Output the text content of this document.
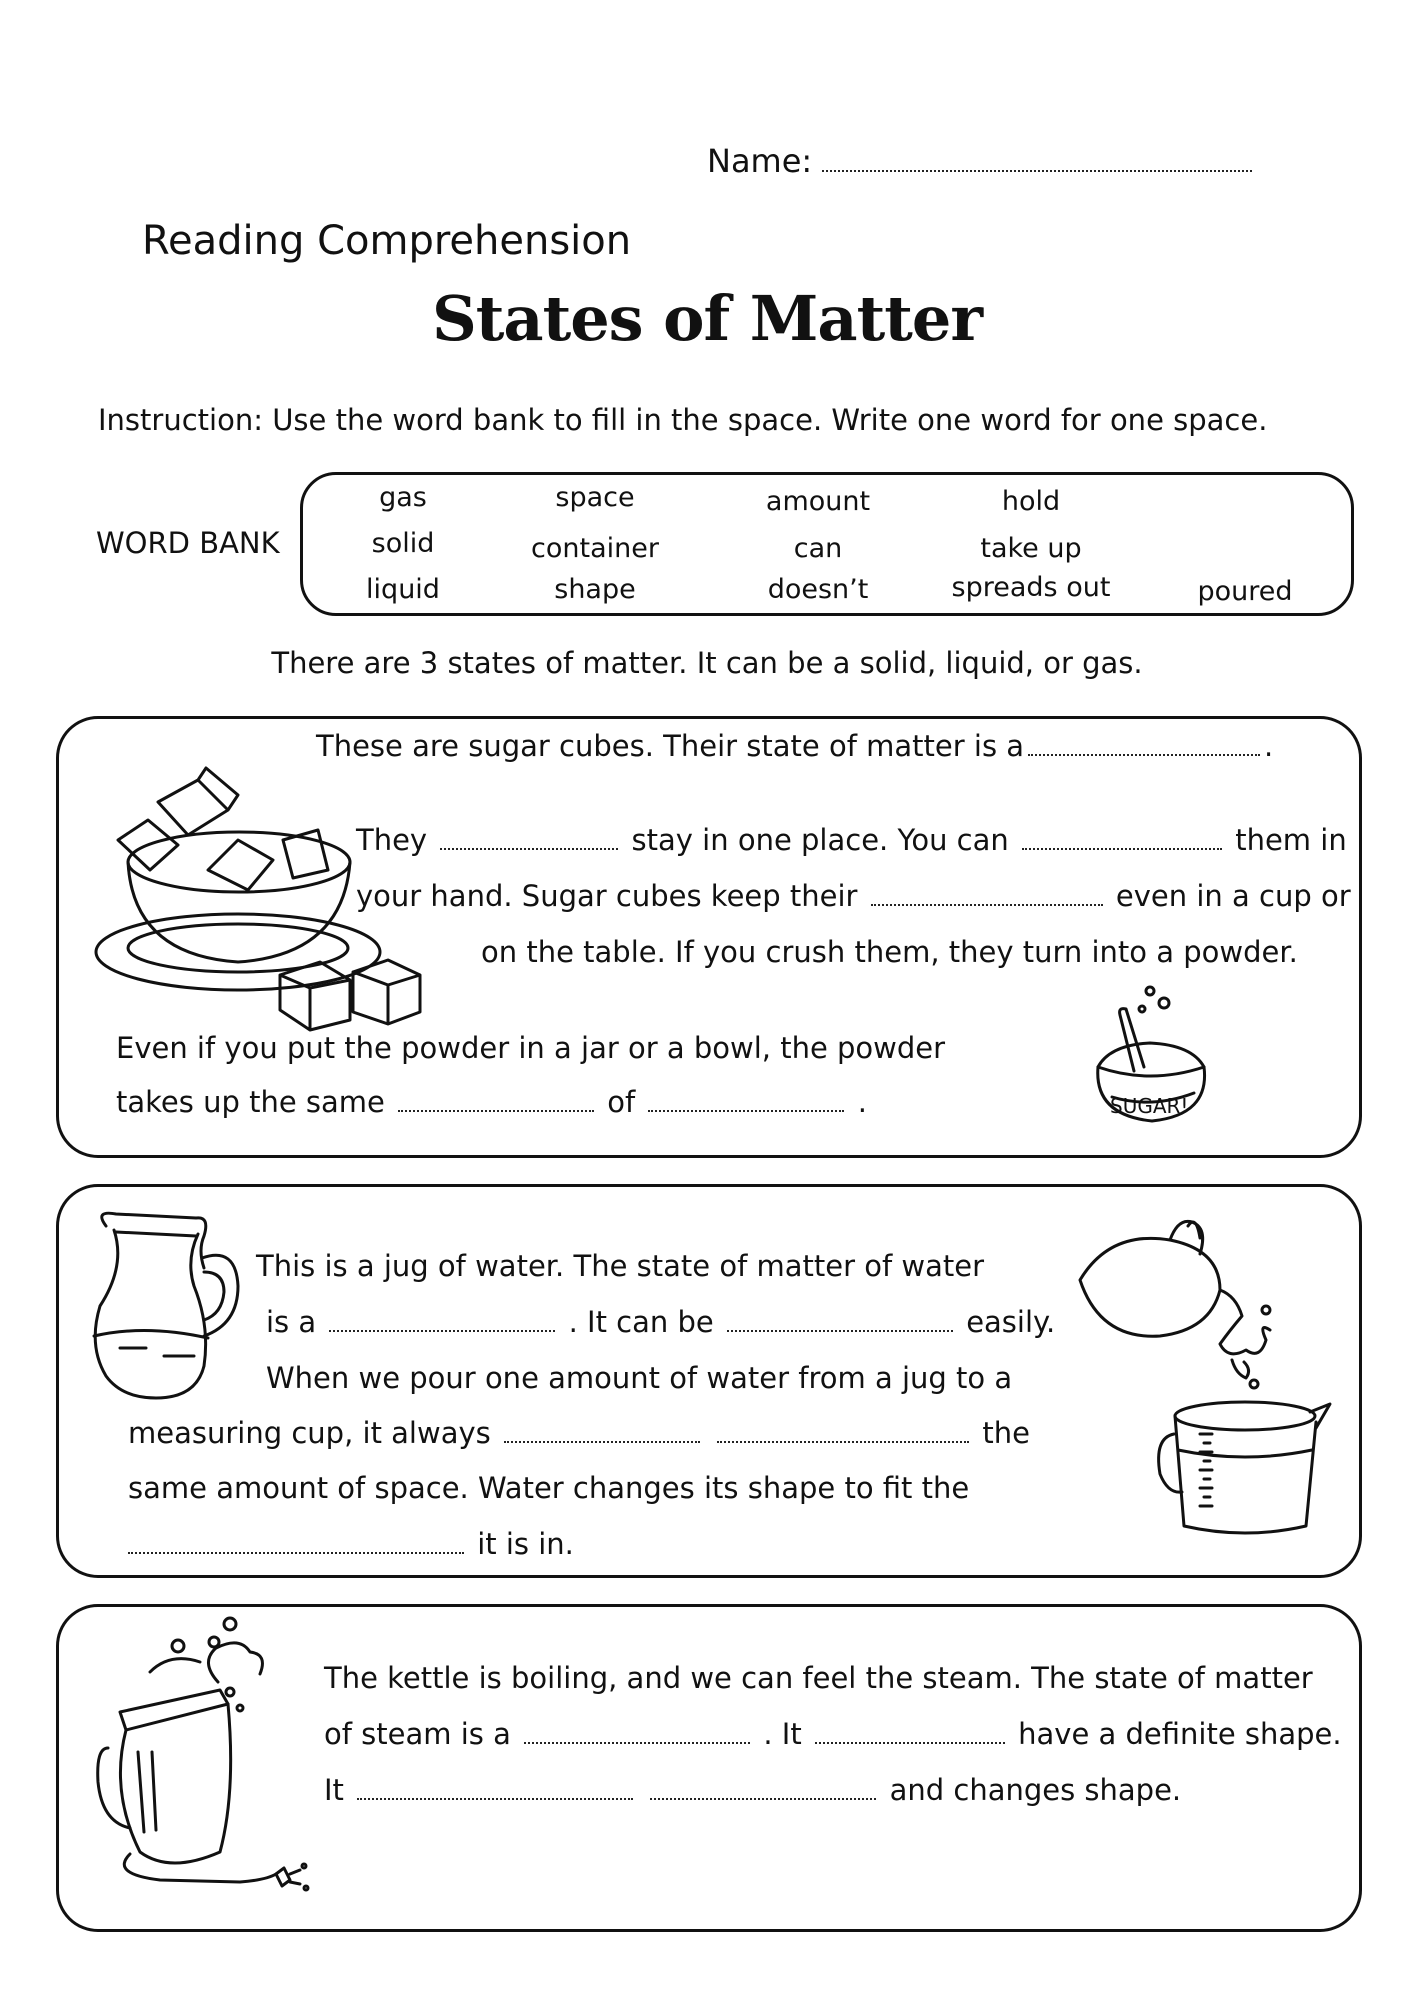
Name:
Reading Comprehension
States of Matter
Instruction: Use the word bank to fill in the space. Write one word for one space.
WORD BANK
gas	space	amount	hold
solid	container	can	take up
liquid	shape	doesn’t	spreads out	poured
There are 3 states of matter. It can be a solid, liquid, or gas.
SUGAR!
These are sugar cubes. Their state of matter is a	.
They	stay in one place. You can	them in
your hand. Sugar cubes keep their	even in a cup or
on the table. If you crush them, they turn into a powder.
Even if you put the powder in a jar or a bowl, the powder
takes up the same	of	.
This is a jug of water. The state of matter of water
is a	. It can be	easily.
When we pour one amount of water from a jug to a
measuring cup, it always	the
same amount of space. Water changes its shape to fit the
it is in.
The kettle is boiling, and we can feel the steam. The state of matter
of steam is a	. It	have a definite shape.
It	and changes shape.
